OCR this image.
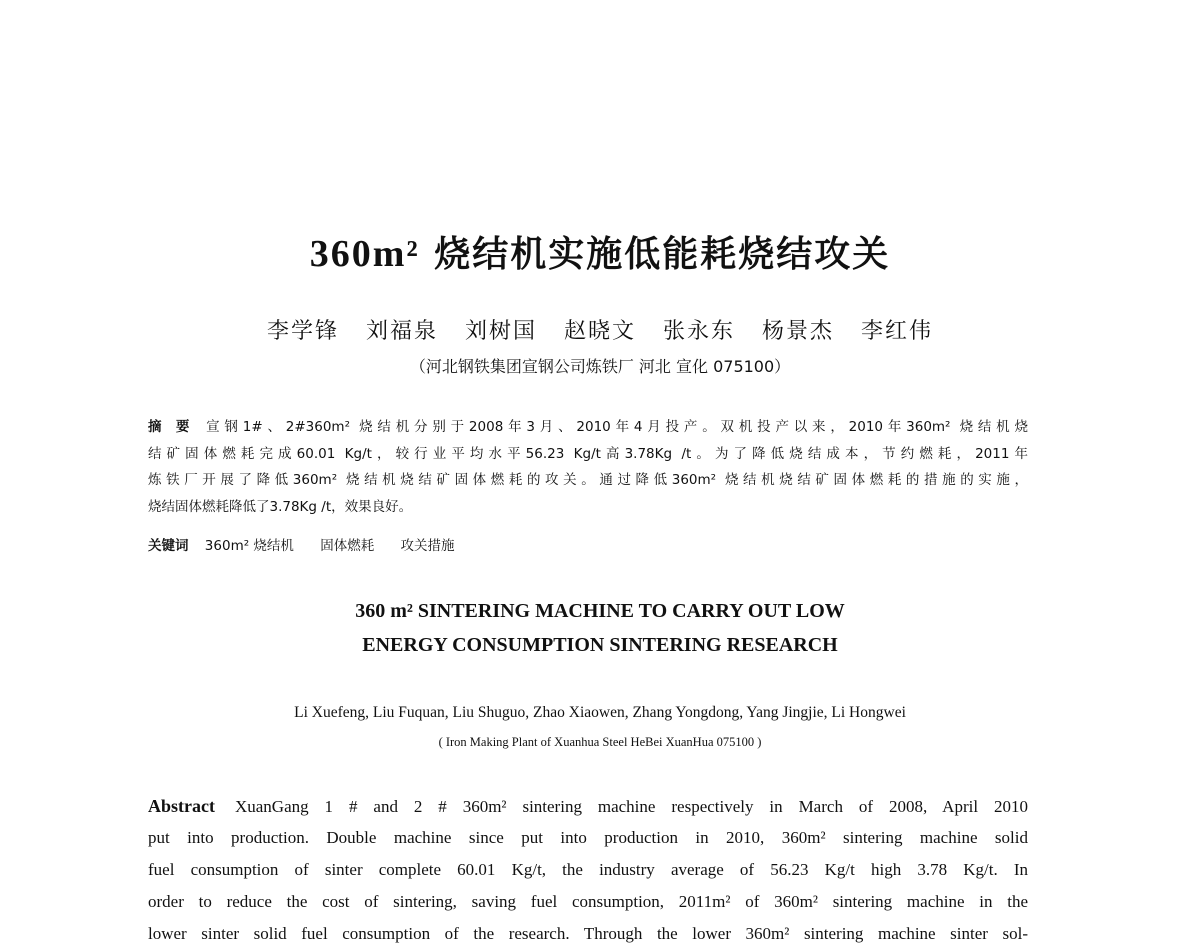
360m² 烧结机实施低能耗烧结攻关
李学锋 刘福泉 刘树国 赵晓文 张永东 杨景杰 李红伟
（河北钢铁集团宣钢公司炼铁厂 河北 宣化 075100）
摘 要 宣钢1#、2#360m² 烧结机分别于2008年3月、2010年4月投产。双机投产以来，2010年360m² 烧结机烧
结矿固体燃耗完成60.01 Kg/t，较行业平均水平56.23 Kg/t高3.78Kg /t。为了降低烧结成本，节约燃耗，2011年
炼铁厂开展了降低360m² 烧结机烧结矿固体燃耗的攻关。通过降低360m² 烧结机烧结矿固体燃耗的措施的实施，
烧结固体燃耗降低了3.78Kg /t，效果良好。
关键词 360m² 烧结机 固体燃耗 攻关措施
360 m² SINTERING MACHINE TO CARRY OUT LOW
ENERGY CONSUMPTION SINTERING RESEARCH
Li Xuefeng, Liu Fuquan, Liu Shuguo, Zhao Xiaowen, Zhang Yongdong, Yang Jingjie, Li Hongwei
( Iron Making Plant of Xuanhua Steel HeBei XuanHua 075100 )
Abstract XuanGang 1 # and 2 # 360m² sintering machine respectively in March of 2008, April 2010
put into production. Double machine since put into production in 2010, 360m² sintering machine solid
fuel consumption of sinter complete 60.01 Kg/t, the industry average of 56.23 Kg/t high 3.78 Kg/t. In
order to reduce the cost of sintering, saving fuel consumption, 2011m² of 360m² sintering machine in the
lower sinter solid fuel consumption of the research. Through the lower 360m² sintering machine sinter sol-
